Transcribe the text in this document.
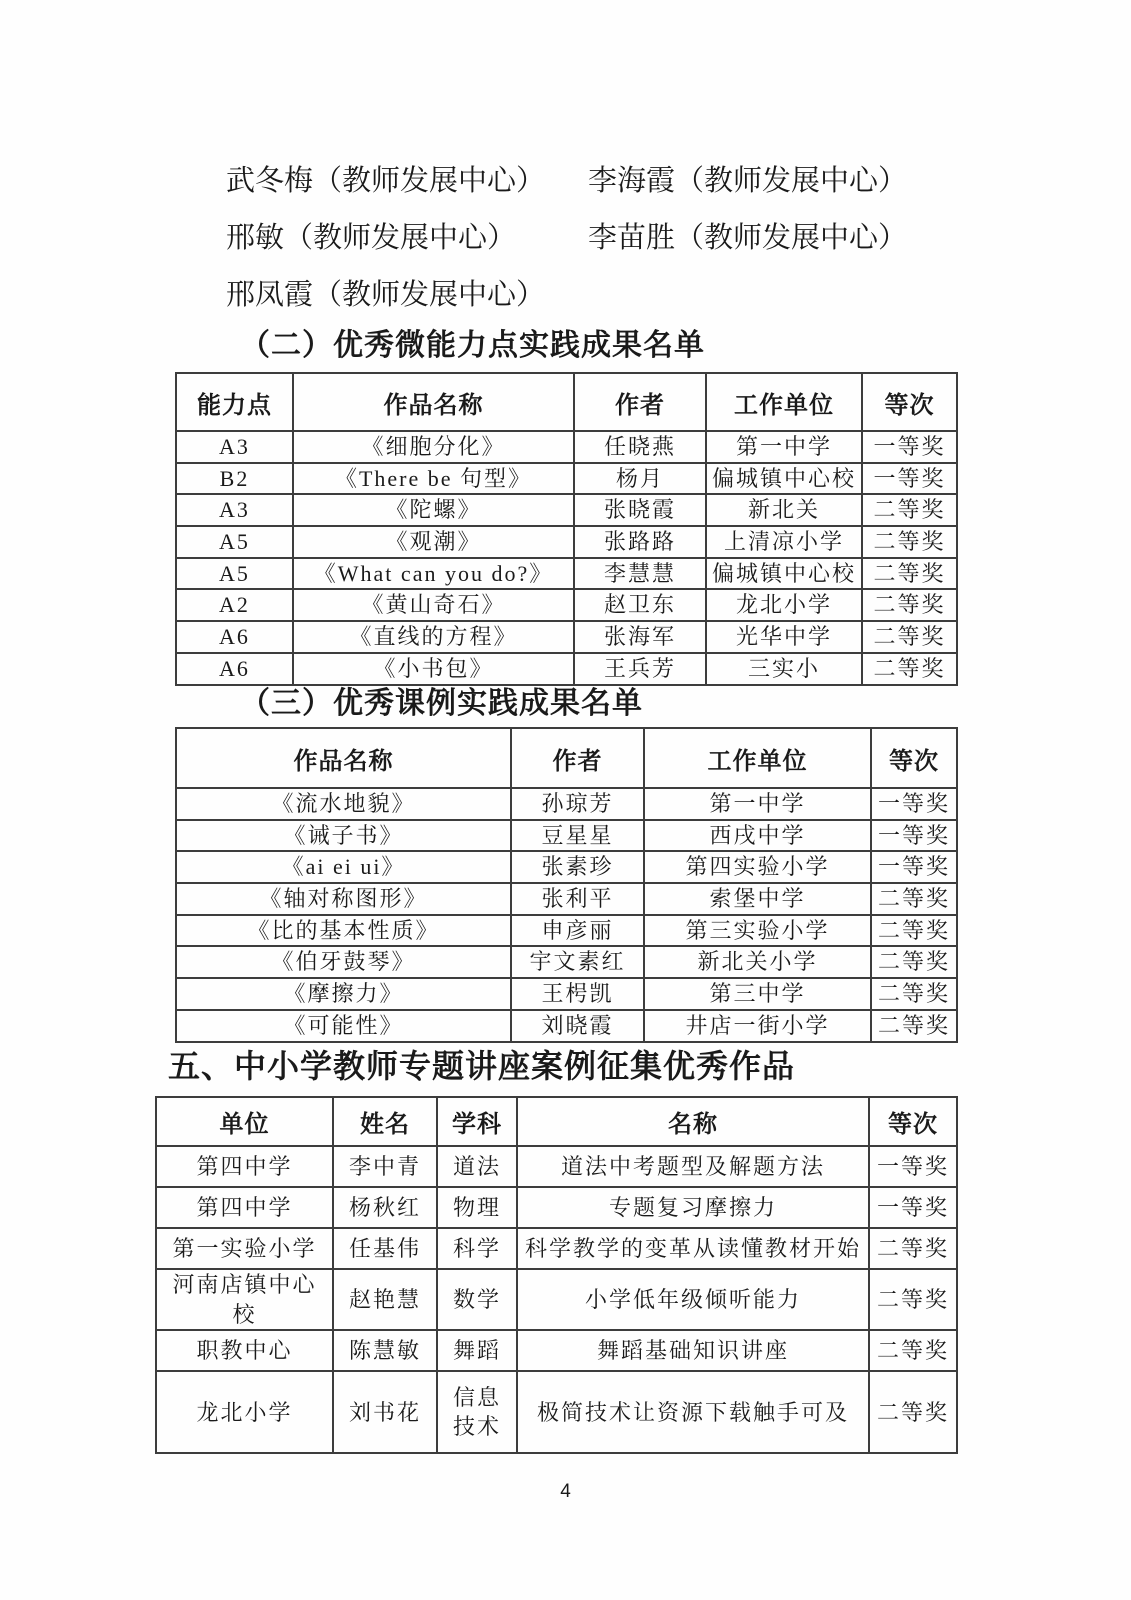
武冬梅（教师发展中心）	李海霞（教师发展中心）
邢敏（教师发展中心）	李苗胜（教师发展中心）
邢凤霞（教师发展中心）
（二）优秀微能力点实践成果名单
能力点	作品名称	作者	工作单位	等次
A3	《细胞分化》	任晓燕	第一中学	一等奖
B2	《There be 句型》	杨月	偏城镇中心校	一等奖
A3	《陀螺》	张晓霞	新北关	二等奖
A5	《观潮》	张路路	上清凉小学	二等奖
A5	《What can you do?》	李慧慧	偏城镇中心校	二等奖
A2	《黄山奇石》	赵卫东	龙北小学	二等奖
A6	《直线的方程》	张海军	光华中学	二等奖
A6	《小书包》	王兵芳	三实小	二等奖
（三）优秀课例实践成果名单
作品名称	作者	工作单位	等次
《流水地貌》	孙琼芳	第一中学	一等奖
《诫子书》	豆星星	西戌中学	一等奖
《ai ei ui》	张素珍	第四实验小学	一等奖
《轴对称图形》	张利平	索堡中学	二等奖
《比的基本性质》	申彦丽	第三实验小学	二等奖
《伯牙鼓琴》	宇文素红	新北关小学	二等奖
《摩擦力》	王枵凯	第三中学	二等奖
《可能性》	刘晓霞	井店一街小学	二等奖
五、中小学教师专题讲座案例征集优秀作品
单位	姓名	学科	名称	等次
第四中学	李中青	道法	道法中考题型及解题方法	一等奖
第四中学	杨秋红	物理	专题复习摩擦力	一等奖
第一实验小学	任基伟	科学	科学教学的变革从读懂教材开始	二等奖
河南店镇中心校	赵艳慧	数学	小学低年级倾听能力	二等奖
职教中心	陈慧敏	舞蹈	舞蹈基础知识讲座	二等奖
龙北小学	刘书花	信息技术	极简技术让资源下载触手可及	二等奖
4
